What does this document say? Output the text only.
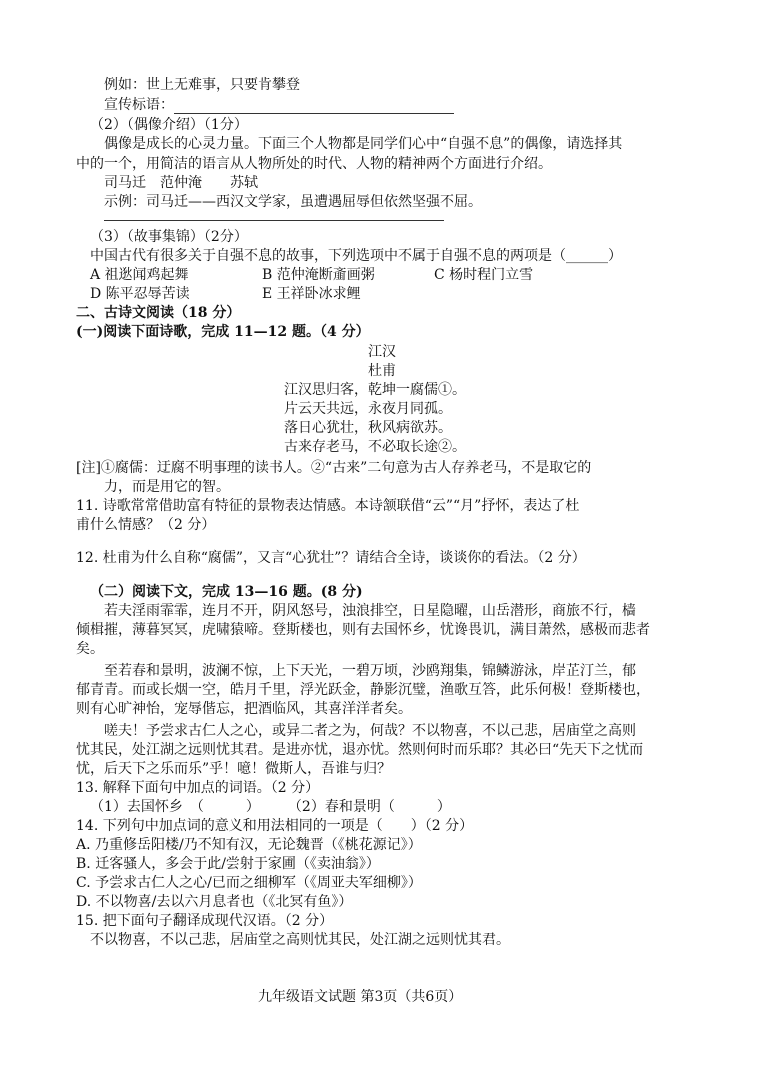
例如：世上无难事，只要肯攀登
宣传标语：
（2）（偶像介绍）（1分）
偶像是成长的心灵力量。下面三个人物都是同学们心中“自强不息”的偶像，请选择其
中的一个，用简洁的语言从人物所处的时代、人物的精神两个方面进行介绍。
司马迁　范仲淹　　苏轼
示例：司马迁——西汉文学家，虽遭遇屈辱但依然坚强不屈。
（3）（故事集锦）（2分）
中国古代有很多关于自强不息的故事，下列选项中不属于自强不息的两项是（______）
A 祖逖闻鸡起舞	B 范仲淹断齑画粥	C 杨时程门立雪
D 陈平忍辱苦读	E 王祥卧冰求鲤
二、古诗文阅读（18 分）
(一)阅读下面诗歌，完成 11—12 题。（4 分）
江汉
杜甫
江汉思归客，乾坤一腐儒①。
片云天共远，永夜月同孤。
落日心犹壮，秋风病欲苏。
古来存老马，不必取长途②。
[注]①腐儒：迂腐不明事理的读书人。②“古来”二句意为古人存养老马，不是取它的
力，而是用它的智。
11. 诗歌常常借助富有特征的景物表达情感。本诗颔联借“云”“月”抒怀，表达了杜
甫什么情感？（2 分）
12. 杜甫为什么自称“腐儒”，又言“心犹壮”？请结合全诗，谈谈你的看法。（2 分）
（二）阅读下文，完成 13—16 题。(8 分)
若夫淫雨霏霏，连月不开，阴风怒号，浊浪排空，日星隐曜，山岳潜形，商旅不行，樯
倾楫摧，薄暮冥冥，虎啸猿啼。登斯楼也，则有去国怀乡，忧谗畏讥，满目萧然，感极而悲者
矣。
至若春和景明，波澜不惊，上下天光，一碧万顷，沙鸥翔集，锦鳞游泳，岸芷汀兰，郁
郁青青。而或长烟一空，皓月千里，浮光跃金，静影沉璧，渔歌互答，此乐何极！登斯楼也，
则有心旷神怡，宠辱偕忘，把酒临风，其喜洋洋者矣。
嗟夫！予尝求古仁人之心，或异二者之为，何哉？不以物喜，不以己悲，居庙堂之高则
忧其民，处江湖之远则忧其君。是进亦忧，退亦忧。然则何时而乐耶？其必曰“先天下之忧而
忧，后天下之乐而乐”乎！噫！微斯人，吾谁与归？
13. 解释下面句中加点的词语。（2 分）
（1）去国怀乡　（　　　）　　　（2）春和景明（　　　）
14. 下列句中加点词的意义和用法相同的一项是（　　）（2 分）
A. 乃重修岳阳楼/乃不知有汉，无论魏晋（《桃花源记》）
B. 迁客骚人，多会于此/尝射于家圃（《卖油翁》）
C. 予尝求古仁人之心/已而之细柳军（《周亚夫军细柳》）
D. 不以物喜/去以六月息者也（《北冥有鱼》）
15. 把下面句子翻译成现代汉语。（2 分）
不以物喜，不以己悲，居庙堂之高则忧其民，处江湖之远则忧其君。
九年级语文试题 第3页（共6页）
